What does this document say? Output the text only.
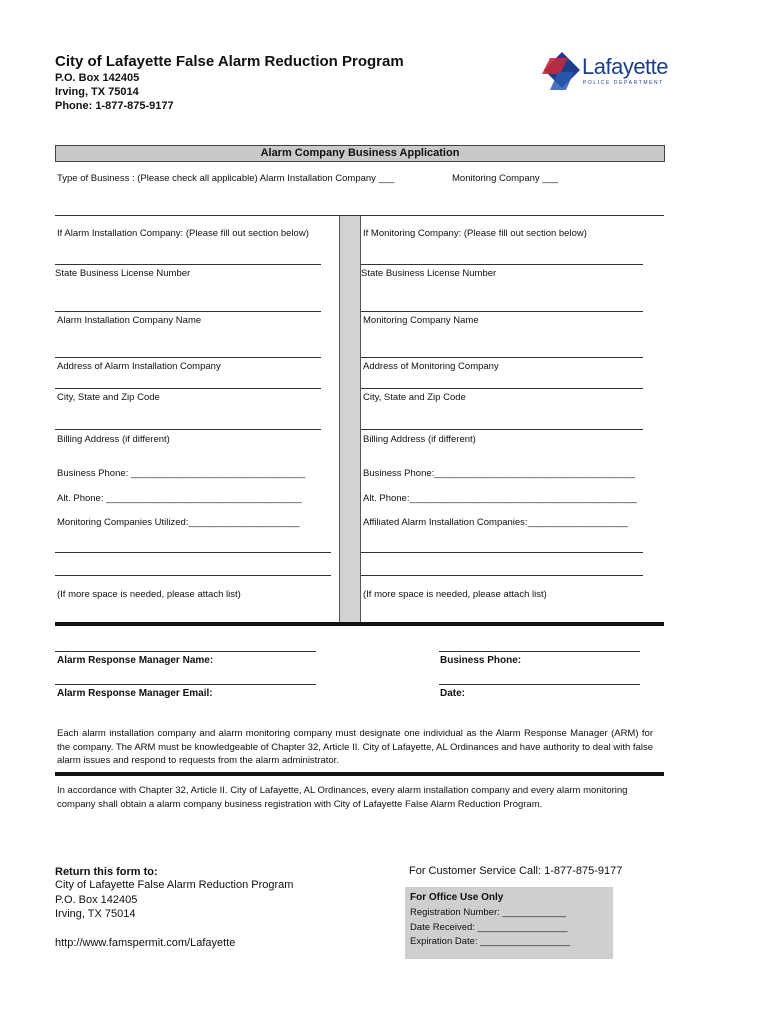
City of Lafayette False Alarm Reduction Program
P.O. Box 142405
Irving, TX 75014
Phone: 1-877-875-9177
Lafayette
POLICE DEPARTMENT
Alarm Company Business Application
Type of Business : (Please check all applicable) Alarm Installation Company ___	Monitoring Company ___
If Alarm Installation Company: (Please fill out section below)
State Business License Number
Alarm Installation Company Name
Address of Alarm Installation Company
City, State and Zip Code
Billing Address (if different)
Business Phone: _________________________________
Alt. Phone: _____________________________________
Monitoring Companies Utilized:_____________________
(If more space is needed, please attach list)
If Monitoring Company: (Please fill out section below)
State Business License Number
Monitoring Company Name
Address of Monitoring Company
City, State and Zip Code
Billing Address (if different)
Business Phone:______________________________________
Alt. Phone:___________________________________________
Affiliated Alarm Installation Companies:___________________
(If more space is needed, please attach list)
Alarm Response Manager Name:	Business Phone:
Alarm Response Manager Email:	Date:
Each alarm installation company and alarm monitoring company must designate one individual as the Alarm Response Manager (ARM) for the company. The ARM must be knowledgeable of Chapter 32, Article II. City of Lafayette, AL Ordinances and have authority to deal with false alarm issues and respond to requests from the alarm administrator.
In accordance with Chapter 32, Article II. City of Lafayette, AL Ordinances, every alarm installation company and every alarm monitoring company shall obtain a alarm company business registration with City of Lafayette False Alarm Reduction Program.
Return this form to:
City of Lafayette False Alarm Reduction Program
P.O. Box 142405
Irving, TX 75014
http://www.famspermit.com/Lafayette
For Customer Service Call: 1-877-875-9177
For Office Use Only
Registration Number: ____________
Date Received: _________________
Expiration Date: _________________
